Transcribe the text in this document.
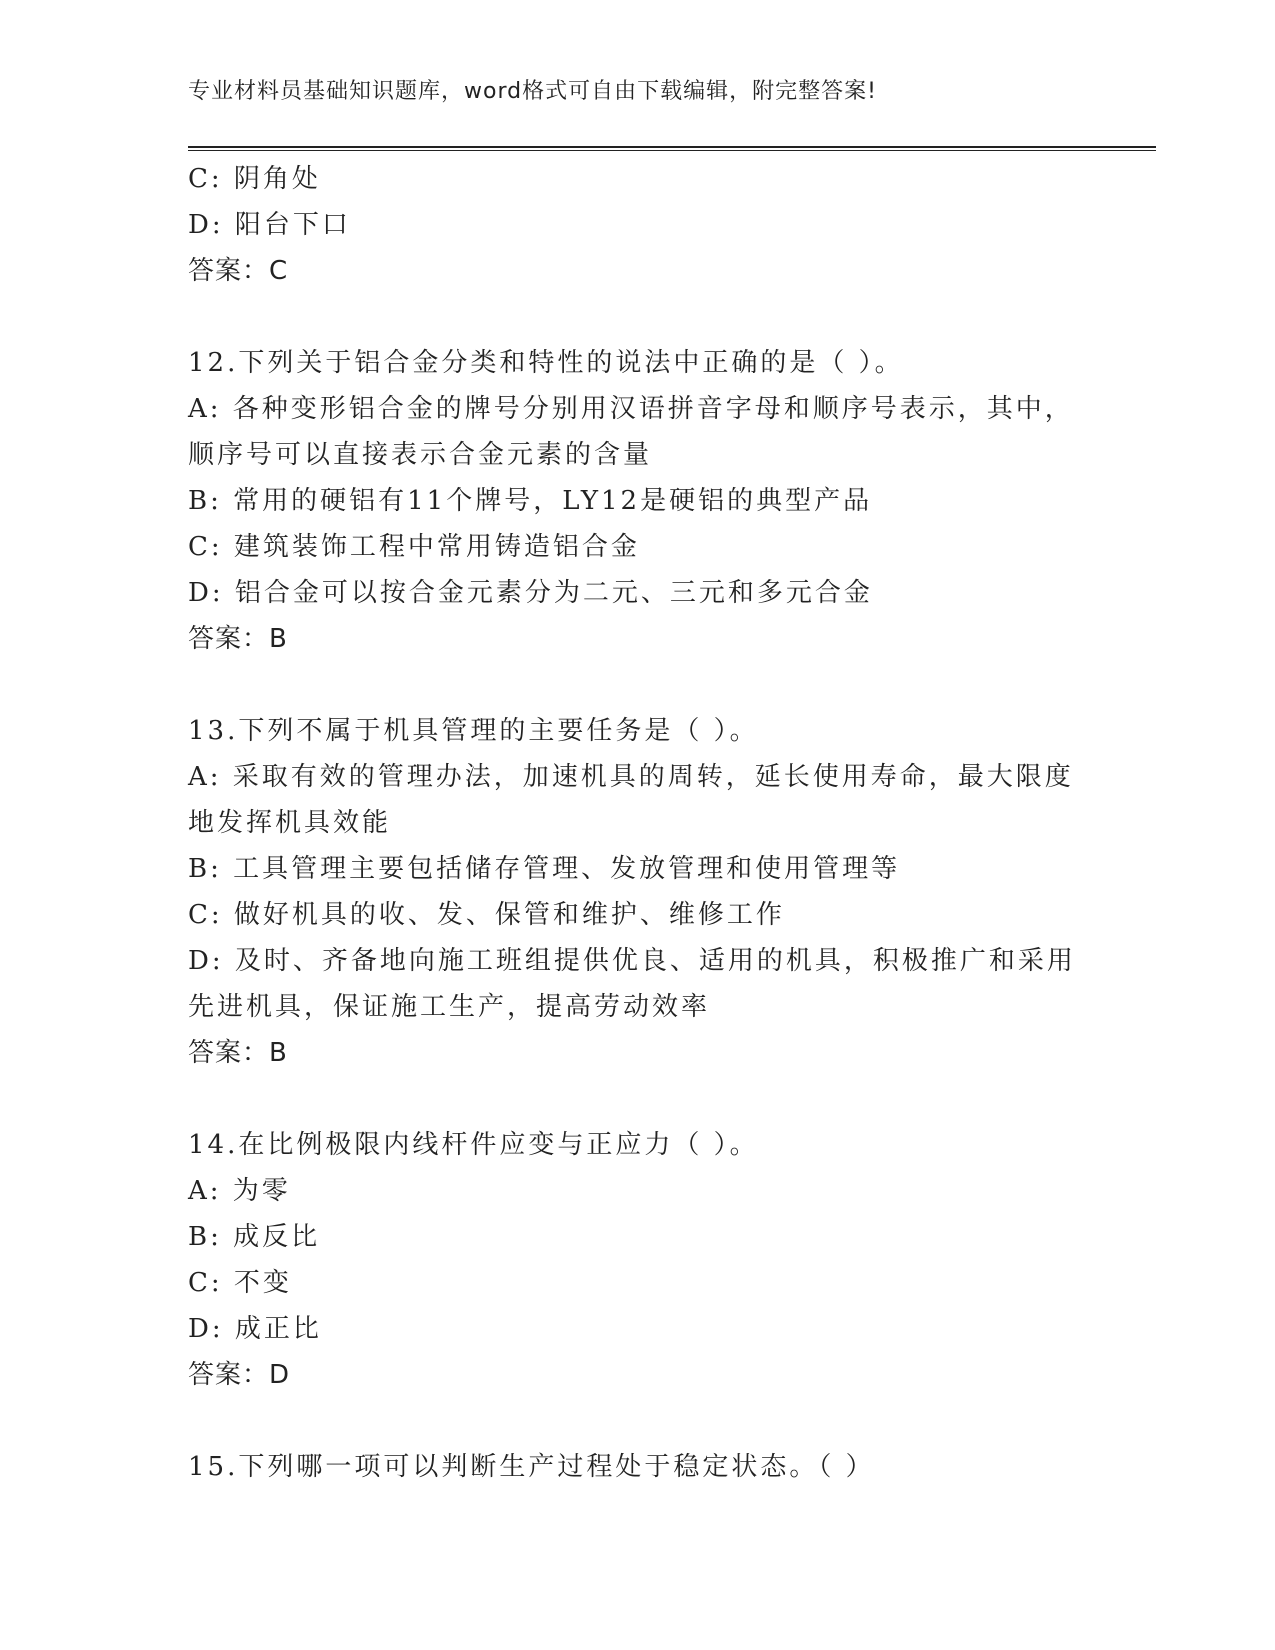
专业材料员基础知识题库，word格式可自由下载编辑，附完整答案!
C: 阴角处
D: 阳台下口
答案：C
12.下列关于铝合金分类和特性的说法中正确的是（ ）。
A: 各种变形铝合金的牌号分别用汉语拼音字母和顺序号表示，其中，
顺序号可以直接表示合金元素的含量
B: 常用的硬铝有11个牌号，LY12是硬铝的典型产品
C: 建筑装饰工程中常用铸造铝合金
D: 铝合金可以按合金元素分为二元、三元和多元合金
答案：B
13.下列不属于机具管理的主要任务是（ ）。
A: 采取有效的管理办法，加速机具的周转，延长使用寿命，最大限度
地发挥机具效能
B: 工具管理主要包括储存管理、发放管理和使用管理等
C: 做好机具的收、发、保管和维护、维修工作
D: 及时、齐备地向施工班组提供优良、适用的机具，积极推广和采用
先进机具，保证施工生产，提高劳动效率
答案：B
14.在比例极限内线杆件应变与正应力（ ）。
A: 为零
B: 成反比
C: 不变
D: 成正比
答案：D
15.下列哪一项可以判断生产过程处于稳定状态。（ ）
